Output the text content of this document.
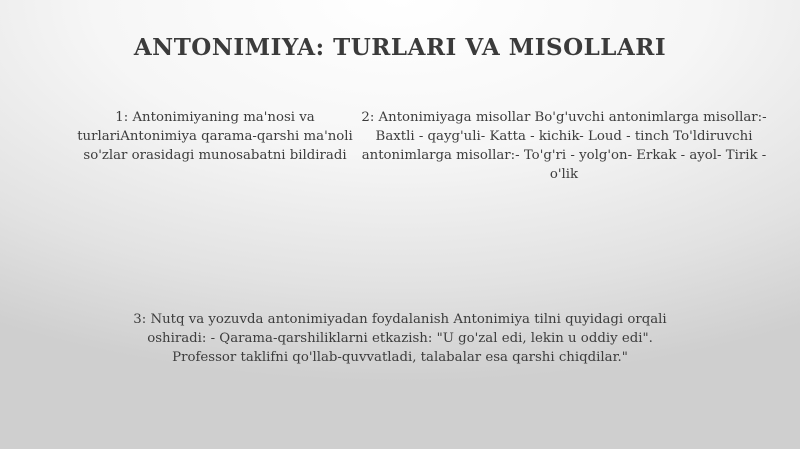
ANTONIMIYA: TURLARI VA MISOLLARI
1: Antonimiyaning ma'nosi va turlariAntonimiya qarama-qarshi ma'noli so'zlar orasidagi munosabatni bildiradi
2: Antonimiyaga misollar Bo'g'uvchi antonimlarga misollar:- Baxtli - qayg'uli- Katta - kichik- Loud - tinch To'ldiruvchi antonimlarga misollar:- To'g'ri - yolg'on- Erkak - ayol- Tirik - o'lik
3: Nutq va yozuvda antonimiyadan foydalanish Antonimiya tilni quyidagi orqali oshiradi: - Qarama-qarshiliklarni etkazish: "U go'zal edi, lekin u oddiy edi". Professor taklifni qo'llab-quvvatladi, talabalar esa qarshi chiqdilar."
